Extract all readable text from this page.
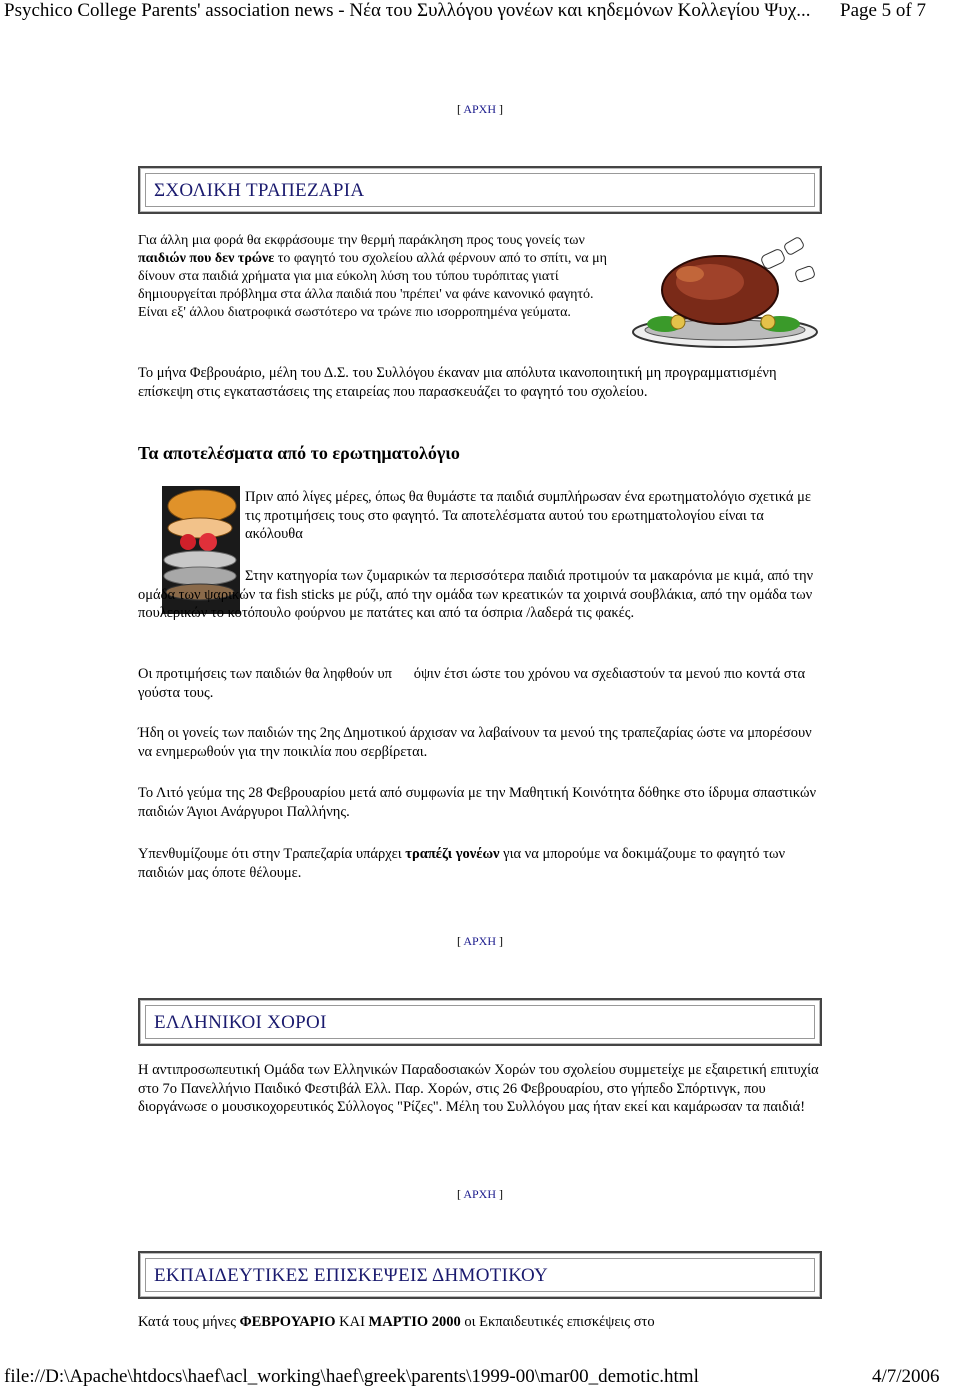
Psychico College Parents' association news - Νέα του Συλλόγου γονέων και κηδεμόνων Κολλεγίου Ψυχ... Page 5 of 7
[ ΑΡΧΗ ]
ΣΧΟΛΙΚΗ ΤΡΑΠΕΖΑΡΙΑ
Για άλλη μια φορά θα εκφράσουμε την θερμή παράκληση προς τους γονείς των παιδιών που δεν τρώνε το φαγητό του σχολείου αλλά φέρνουν από το σπίτι, να μη δίνουν στα παιδιά χρήματα για μια εύκολη λύση του τύπου τυρόπιτας γιατί δημιουργείται πρόβλημα στα άλλα παιδιά που 'πρέπει' να φάνε κανονικό φαγητό. Είναι εξ' άλλου διατροφικά σωστότερο να τρώνε πιο ισορροπημένα γεύματα.
Το μήνα Φεβρουάριο, μέλη του Δ.Σ. του Συλλόγου έκαναν μια απόλυτα ικανοποιητική μη προγραμματισμένη επίσκεψη στις εγκαταστάσεις της εταιρείας που παρασκευάζει το φαγητό του σχολείου.
Τα αποτελέσματα από το ερωτηματολόγιο
Πριν από λίγες μέρες, όπως θα θυμάστε τα παιδιά συμπλήρωσαν ένα ερωτηματολόγιο σχετικά με τις προτιμήσεις τους στο φαγητό. Τα αποτελέσματα αυτού του ερωτηματολογίου είναι τα ακόλουθα
Στην κατηγορία των ζυμαρικών τα περισσότερα παιδιά προτιμούν τα μακαρόνια με κιμά, από την ομάδα των ψαρικών τα fish sticks με ρύζι, από την ομάδα των κρεατικών τα χοιρινά σουβλάκια, από την ομάδα των πουλερικών το κοτόπουλο φούρνου με πατάτες και από τα όσπρια /λαδερά τις φακές.
Οι προτιμήσεις των παιδιών θα ληφθούν υπ όψιν έτσι ώστε του χρόνου να σχεδιαστούν τα μενού πιο κοντά στα γούστα τους.
Ήδη οι γονείς των παιδιών της 2ης Δημοτικού άρχισαν να λαβαίνουν τα μενού της τραπεζαρίας ώστε να μπορέσουν να ενημερωθούν για την ποικιλία που σερβίρεται.
Το Λιτό γεύμα της 28 Φεβρουαρίου μετά από συμφωνία με την Μαθητική Κοινότητα δόθηκε στο ίδρυμα σπαστικών παιδιών Άγιοι Ανάργυροι Παλλήνης.
Υπενθυμίζουμε ότι στην Τραπεζαρία υπάρχει τραπέζι γονέων για να μπορούμε να δοκιμάζουμε το φαγητό των παιδιών μας όποτε θέλουμε.
[ ΑΡΧΗ ]
ΕΛΛΗΝΙΚΟΙ ΧΟΡΟΙ
Η αντιπροσωπευτική Ομάδα των Ελληνικών Παραδοσιακών Χορών του σχολείου συμμετείχε με εξαιρετική επιτυχία στο 7ο Πανελλήνιο Παιδικό Φεστιβάλ Ελλ. Παρ. Χορών, στις 26 Φεβρουαρίου, στο γήπεδο Σπόρτινγκ, που διοργάνωσε ο μουσικοχορευτικός Σύλλογος "Ρίζες". Μέλη του Συλλόγου μας ήταν εκεί και καμάρωσαν τα παιδιά!
[ ΑΡΧΗ ]
ΕΚΠΑΙΔΕΥΤΙΚΕΣ ΕΠΙΣΚΕΨΕΙΣ ΔΗΜΟΤΙΚΟΥ
Κατά τους μήνες ΦΕΒΡΟΥΑΡΙΟ ΚΑΙ ΜΑΡΤΙΟ 2000 οι Εκπαιδευτικές επισκέψεις στο
file://D:\Apache\htdocs\haef\acl_working\haef\greek\parents\1999-00\mar00_demotic.html	4/7/2006
